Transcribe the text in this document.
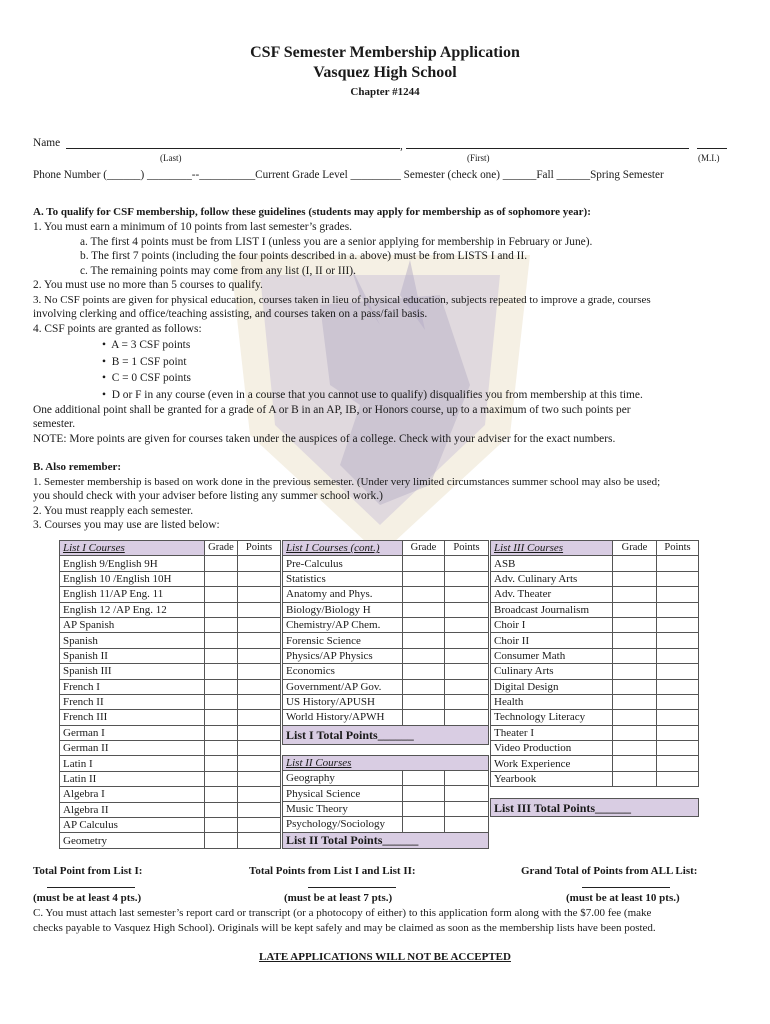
CSF Semester Membership Application
Vasquez High School
Chapter #1244
Name	,
(Last)	(First)	(M.I.)
Phone Number (______) ________--__________Current Grade Level _________ Semester (check one) ______Fall ______Spring Semester
A. To qualify for CSF membership, follow these guidelines (students may apply for membership as of sophomore year):
1. You must earn a minimum of 10 points from last semester’s grades.
a. The first 4 points must be from LIST I (unless you are a senior applying for membership in February or June).
b. The first 7 points (including the four points described in a. above) must be from LISTS I and II.
c. The remaining points may come from any list (I, II or III).
2. You must use no more than 5 courses to qualify.
3. No CSF points are given for physical education, courses taken in lieu of physical education, subjects repeated to improve a grade, courses
involving clerking and office/teaching assisting, and courses taken on a pass/fail basis.
4. CSF points are granted as follows:
•  A = 3 CSF points
•  B = 1 CSF point
•  C = 0 CSF points
•  D or F in any course (even in a course that you cannot use to qualify) disqualifies you from membership at this time.
One additional point shall be granted for a grade of A or B in an AP, IB, or Honors course, up to a maximum of two such points per
semester.
NOTE: More points are given for courses taken under the auspices of a college. Check with your adviser for the exact numbers.
B. Also remember:
1. Semester membership is based on work done in the previous semester. (Under very limited circumstances summer school may also be used;
you should check with your adviser before listing any summer school work.)
2. You must reapply each semester.
3. Courses you may use are listed below:
List I Courses	Grade	Points
English 9/English 9H		
English 10 /English 10H		
English 11/AP Eng. 11		
English 12 /AP Eng. 12		
AP Spanish		
Spanish		
Spanish II		
Spanish III		
French I		
French II		
French III		
German I		
German II		
Latin I		
Latin II		
Algebra I		
Algebra II		
AP Calculus		
Geometry		
List I Courses (cont.)	Grade	Points
Pre-Calculus		
Statistics		
Anatomy and Phys.		
Biology/Biology H		
Chemistry/AP Chem.		
Forensic Science		
Physics/AP Physics		
Economics		
Government/AP Gov.		
US History/APUSH		
World History/APWH		
List I Total Points______		

List II Courses		
Geography		
Physical Science		
Music Theory		
Psychology/Sociology		
List II Total Points______		
List III Courses	Grade	Points
ASB		
Adv. Culinary Arts		
Adv. Theater		
Broadcast Journalism		
Choir I		
Choir II		
Consumer Math		
Culinary Arts		
Digital Design		
Health		
Technology Literacy		
Theater I		
Video Production		
Work Experience		
Yearbook		

List III Total Points______		
Total Point from List I:	Total Points from List I and List II:	Grand Total of Points from ALL List:
(must be at least 4 pts.)	(must be at least 7 pts.)	(must be at least 10 pts.)
C. You must attach last semester’s report card or transcript (or a photocopy of either) to this application form along with the $7.00 fee (make
checks payable to Vasquez High School). Originals will be kept safely and may be claimed as soon as the membership lists have been posted.
LATE APPLICATIONS WILL NOT BE ACCEPTED
